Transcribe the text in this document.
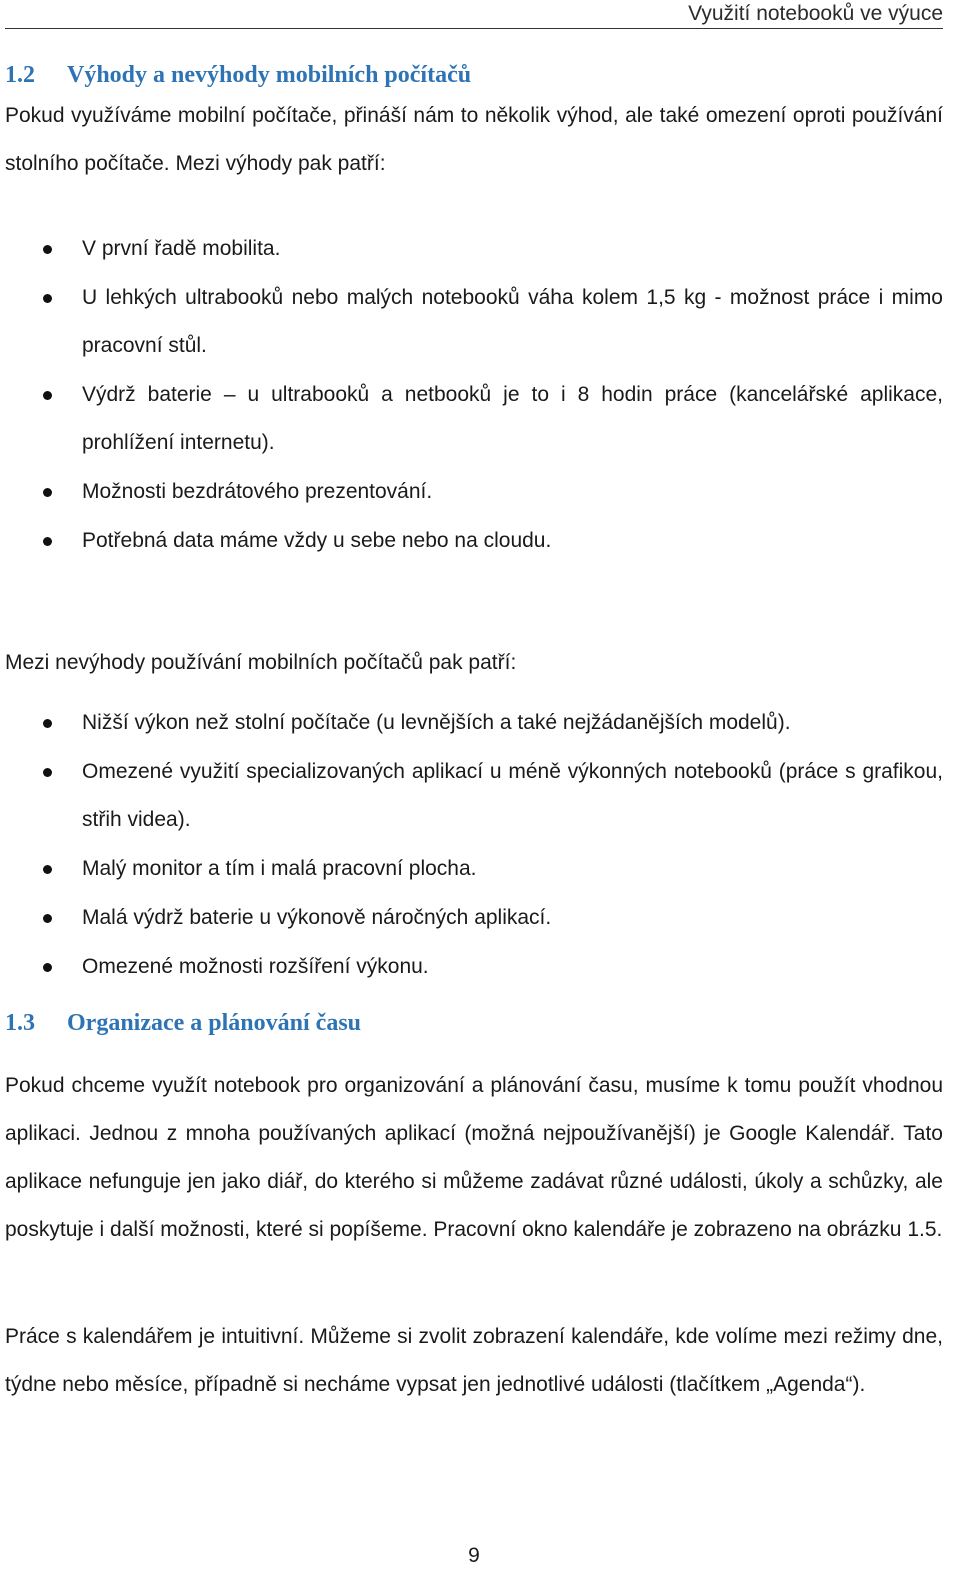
Využití notebooků ve výuce
1.2 Výhody a nevýhody mobilních počítačů

Pokud využíváme mobilní počítače, přináší nám to několik výhod, ale také omezení oproti používání stolního počítače. Mezi výhody pak patří:

V první řadě mobilita.
U lehkých ultrabooků nebo malých notebooků váha kolem 1,5 kg - možnost práce i mimo pracovní stůl.
Výdrž baterie – u ultrabooků a netbooků je to i 8 hodin práce (kancelářské aplikace, prohlížení internetu).
Možnosti bezdrátového prezentování.
Potřebná data máme vždy u sebe nebo na cloudu.

Mezi nevýhody používání mobilních počítačů pak patří:

Nižší výkon než stolní počítače (u levnějších a také nejžádanějších modelů).
Omezené využití specializovaných aplikací u méně výkonných notebooků (práce s grafikou, střih videa).
Malý monitor a tím i malá pracovní plocha.
Malá výdrž baterie u výkonově náročných aplikací.
Omezené možnosti rozšíření výkonu.
1.3 Organizace a plánování času

Pokud chceme využít notebook pro organizování a plánování času, musíme k tomu použít vhodnou aplikaci. Jednou z mnoha používaných aplikací (možná nejpoužívanější) je Google Kalendář. Tato aplikace nefunguje jen jako diář, do kterého si můžeme zadávat různé události, úkoly a schůzky, ale poskytuje i další možnosti, které si popíšeme. Pracovní okno kalendáře je zobrazeno na obrázku 1.5.

Práce s kalendářem je intuitivní. Můžeme si zvolit zobrazení kalendáře, kde volíme mezi režimy dne, týdne nebo měsíce, případně si necháme vypsat jen jednotlivé události (tlačítkem „Agenda“).

9
